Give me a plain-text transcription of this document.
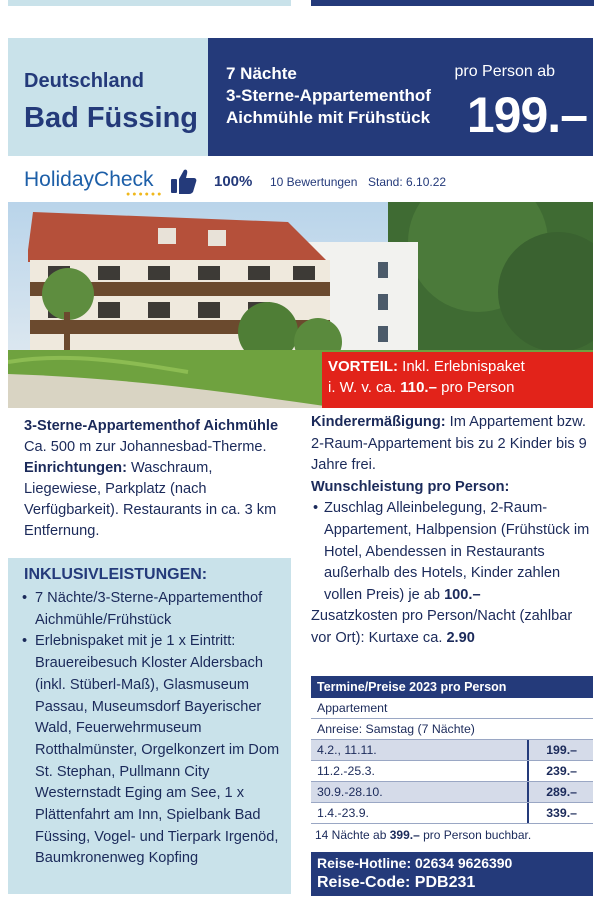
Deutschland
Bad Füssing
7 Nächte
3-Sterne-Appartementhof
Aichmühle mit Frühstück
pro Person ab
199.–
HolidayCheck
●●●●●●
100% 10 Bewertungen Stand: 6.10.22
VORTEIL: Inkl. Erlebnispaket
i. W. v. ca. 110.– pro Person
3-Sterne-Appartementhof Aichmühle
Ca. 500 m zur Johannesbad-Therme.
Einrichtungen: Waschraum, Liegewiese, Parkplatz (nach Verfügbarkeit). Restaurants in ca. 3 km Entfernung.
INKLUSIVLEISTUNGEN:
• 7 Nächte/3-Sterne-Appartementhof Aichmühle/Frühstück
• Erlebnispaket mit je 1 x Eintritt: Brauereibesuch Kloster Aldersbach (inkl. Stüberl-Maß), Glasmuseum Passau, Museumsdorf Bayerischer Wald, Feuerwehrmuseum Rotthalmünster, Orgelkonzert im Dom St. Stephan, Pullmann City Westernstadt Eging am See, 1 x Plättenfahrt am Inn, Spielbank Bad Füssing, Vogel- und Tierpark Irgenöd, Baumkronenweg Kopfing

Kinderermäßigung: Im Appartement bzw. 2-Raum-Appartement bis zu 2 Kinder bis 9 Jahre frei.

Wunschleistung pro Person:

• Zuschlag Alleinbelegung, 2-Raum-Appartement, Halbpension (Frühstück im Hotel, Abendessen in Restaurants außerhalb des Hotels, Kinder zahlen vollen Preis) je ab 100.–

Zusatzkosten pro Person/Nacht (zahlbar vor Ort): Kurtaxe ca. 2.90

Termine/Preise 2023 pro Person
Appartement
Anreise: Samstag (7 Nächte)
4.2., 11.11.	199.–
11.2.-25.3.	239.–
30.9.-28.10.	289.–
1.4.-23.9.	339.–
14 Nächte ab 399.– pro Person buchbar.
Reise-Hotline: 02634 9626390
Reise-Code: PDB231
